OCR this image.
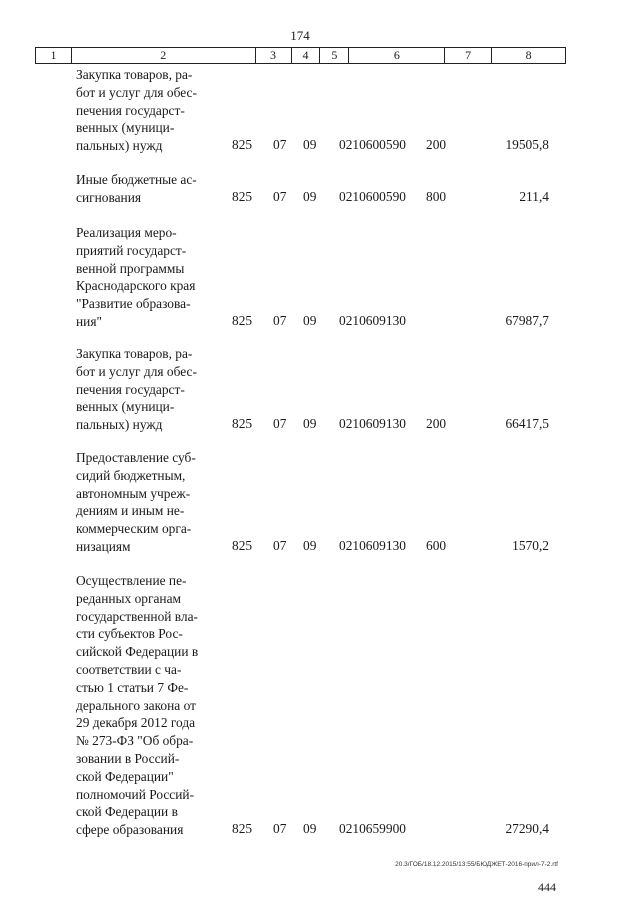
174
1	2	3	4	5	6	7	8
Закупка товаров, ра-
бот и услуг для обес-
печения государст-
венных (муници-
пальных) нужд	825 07 09 0210600590 200	19505,8
Иные бюджетные ас-
сигнования	825 07 09 0210600590 800	211,4
Реализация меро-
приятий государст-
венной программы
Краснодарского края
"Развитие образова-
ния"	825 07 09 0210609130	67987,7
Закупка товаров, ра-
бот и услуг для обес-
печения государст-
венных (муници-
пальных) нужд	825 07 09 0210609130 200	66417,5
Предоставление суб-
сидий бюджетным,
автономным учреж-
дениям и иным не-
коммерческим орга-
низациям	825 07 09 0210609130 600	1570,2
Осуществление пе-
реданных органам
государственной вла-
сти субъектов Рос-
сийской Федерации в
соответствии с ча-
стью 1 статьи 7 Фе-
дерального закона от
29 декабря 2012 года
№ 273-ФЗ "Об обра-
зовании в Россий-
ской Федерации"
полномочий Россий-
ской Федерации в
сфере образования	825 07 09 0210659900	27290,4
20.3/ГОБ/18.12.2015/13:55/БЮДЖЕТ-2016-прил-7-2.rtf
444
